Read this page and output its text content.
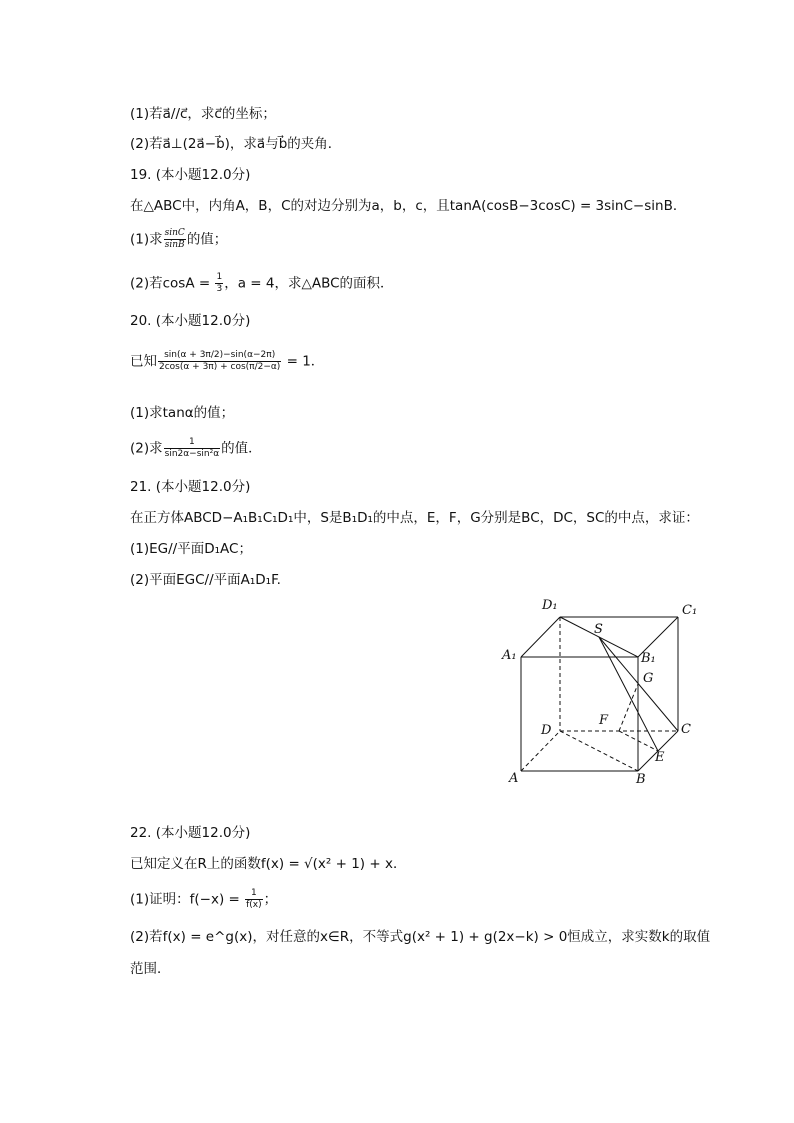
(1)若a⃗//c⃗，求c⃗的坐标；
(2)若a⃗⊥(2a⃗−b⃗)，求a⃗与b⃗的夹角．
19. (本小题12.0分)
在△ABC中，内角A，B，C的对边分别为a，b，c，且tanA(cosB−3cosC) = 3sinC−sinB．
(1)求 $\frac{\sin C}{\sin B}$ 的值；
(2)若$\cos A = \frac{1}{3}$ ，a = 4，求△ABC的面积．
20. (本小题12.0分)
已知 $\frac{\sin(\alpha + 3\pi/2)-\sin(\alpha-2\pi)}{2\cos(\alpha + 3\pi) + \cos(\pi/2-\alpha)} = 1$．
(1)求tanα的值；
(2)求 $\frac{1}{\text{sin2α−sin²α}}$ 的值．
21. (本小题12.0分)
在正方体ABCD−A₁B₁C₁D₁中，S是B₁D₁的中点，E，F，G分别是BC，DC，SC的中点，求证：
(1)EG//平面D₁AC；
(2)平面EGC//平面A₁D₁F.
D₁	C₁
S
A₁	B₁
G
F
D	C
E
A	B
22. (本小题12.0分)
已知定义在R上的函数f(x) = √(x² + 1) + x．
(1)证明：$f(-x) = \frac{1}{f(x)}$ ；
(2)若f(x) = e^g(x)，对任意的x∈R，不等式g(x² + 1) + g(2x−k) > 0恒成立，求实数k的取值
范围．
